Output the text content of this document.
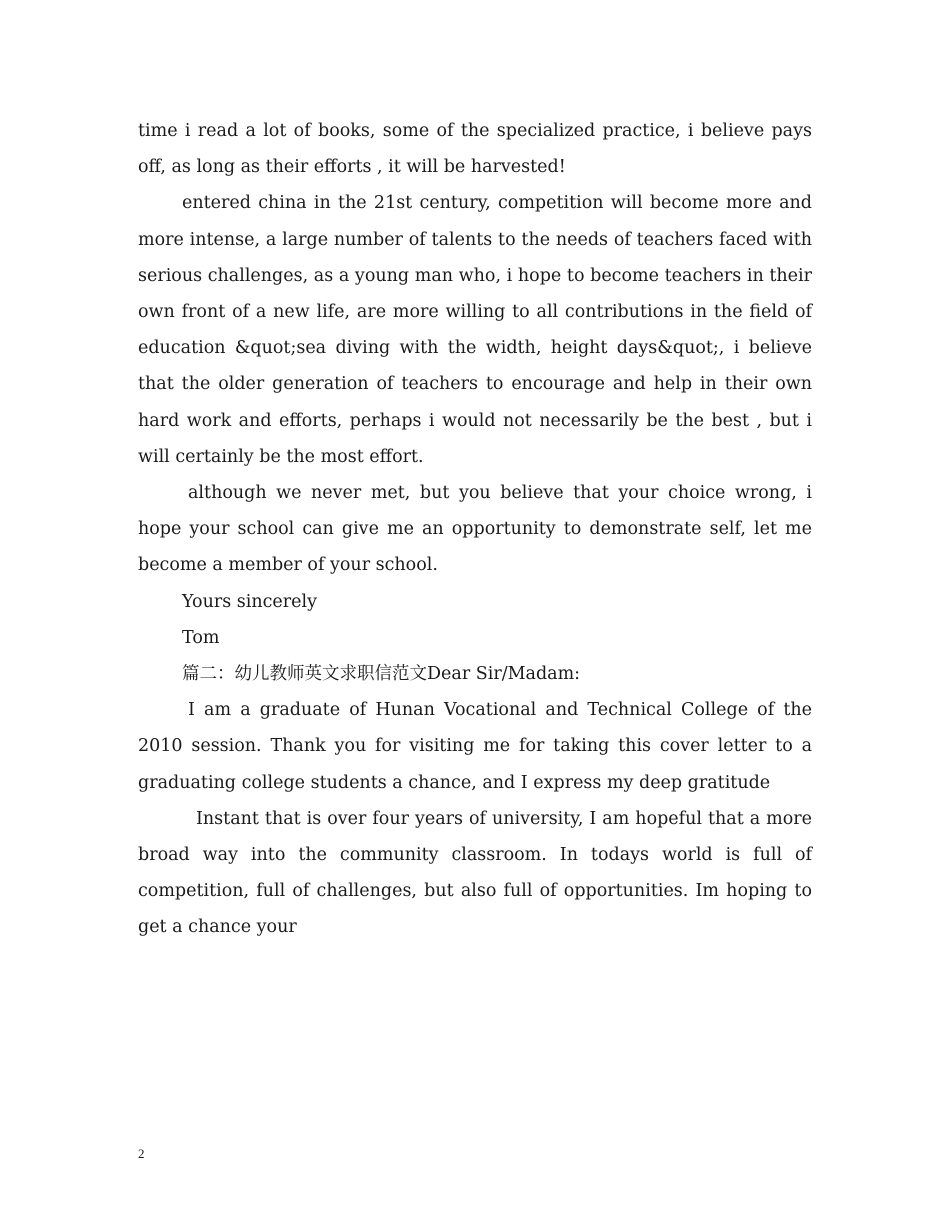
time i read a lot of books, some of the specialized practice, i believe pays off, as long as their efforts , it will be harvested!

entered china in the 21st century, competition will become more and more intense, a large number of talents to the needs of teachers faced with serious challenges, as a young man who, i hope to become teachers in their own front of a new life, are more willing to all contributions in the field of education &quot;sea diving with the width, height days&quot;, i believe that the older generation of teachers to encourage and help in their own hard work and efforts, perhaps i would not necessarily be the best , but i will certainly be the most effort.

although we never met, but you believe that your choice wrong, i hope your school can give me an opportunity to demonstrate self, let me become a member of your school.

Yours sincerely

Tom

篇二：幼儿教师英文求职信范文Dear Sir/Madam:

I am a graduate of Hunan Vocational and Technical College of the 2010 session. Thank you for visiting me for taking this cover letter to a graduating college students a chance, and I express my deep gratitude

Instant that is over four years of university, I am hopeful that a more broad way into the community classroom. In todays world is full of competition, full of challenges, but also full of opportunities. Im hoping to get a chance your

2
